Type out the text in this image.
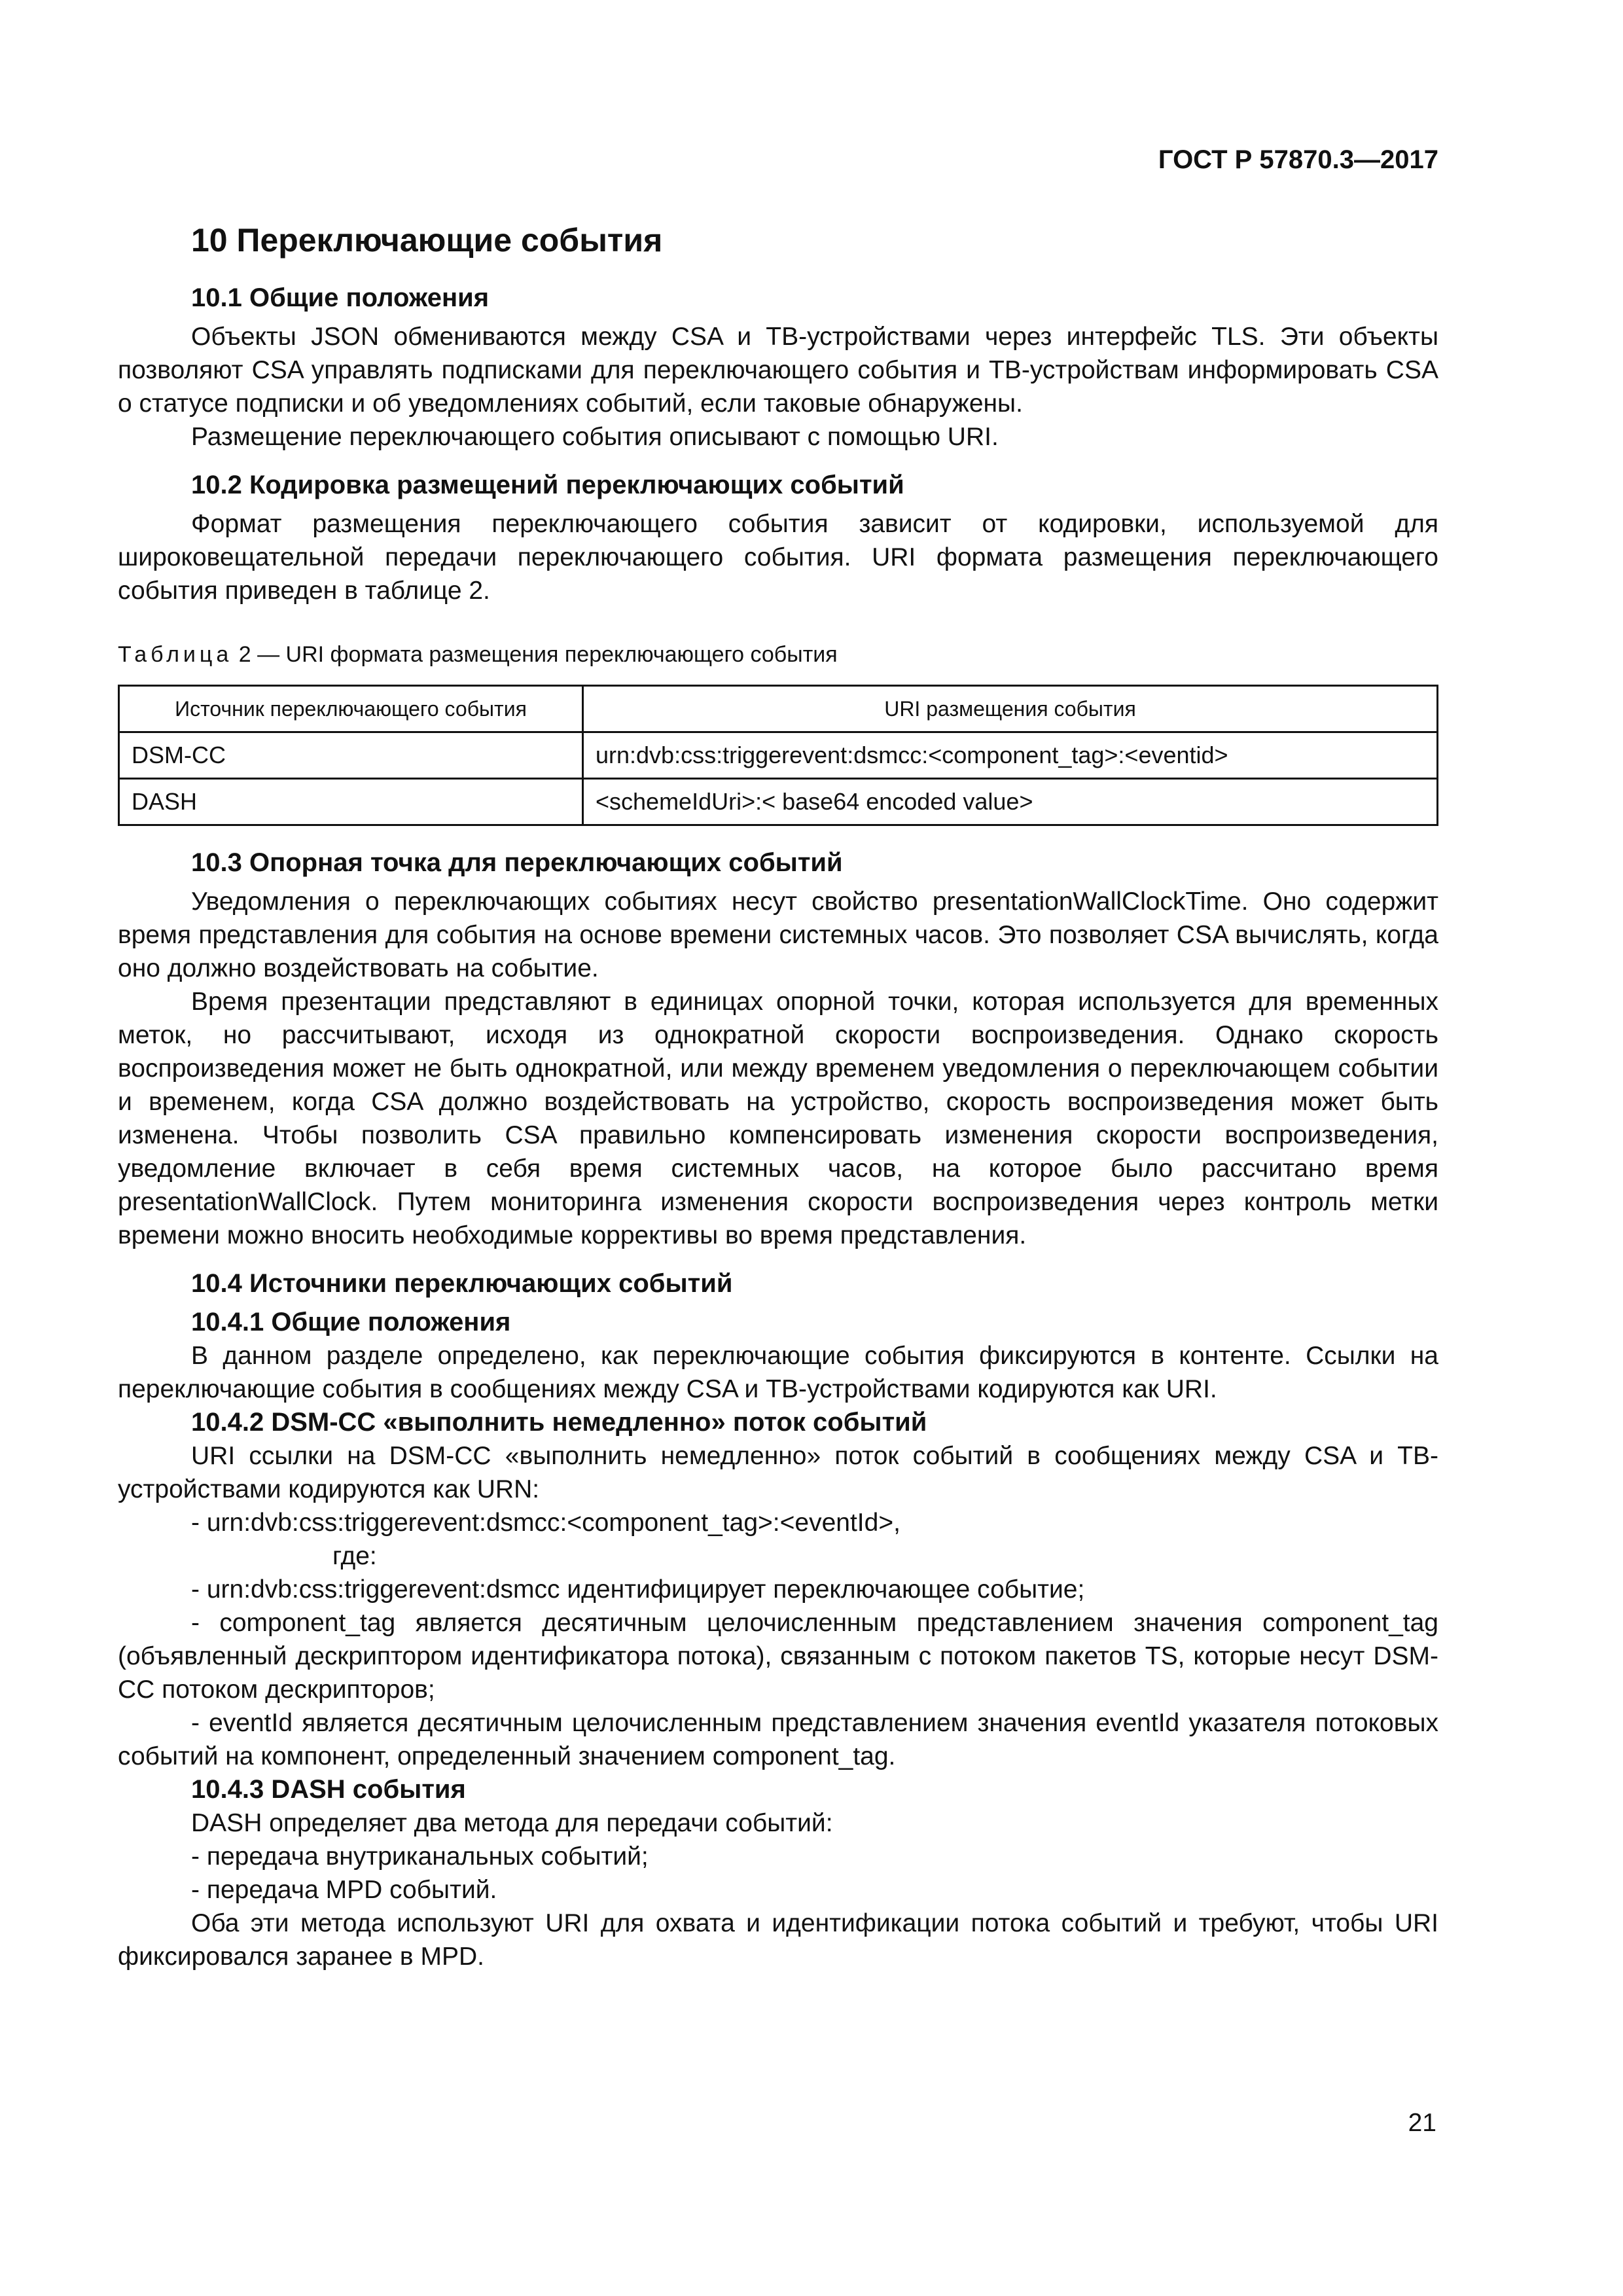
ГОСТ Р 57870.3—2017
10 Переключающие события
10.1 Общие положения

Объекты JSON обмениваются между CSA и ТВ-устройствами через интерфейс TLS. Эти объекты позволяют CSA управлять подписками для переключающего события и ТВ-устройствам информировать CSA о статусе подписки и об уведомлениях событий, если таковые обнаружены.

Размещение переключающего события описывают с помощью URI.

10.2 Кодировка размещений переключающих событий

Формат размещения переключающего события зависит от кодировки, используемой для широковещательной передачи переключающего события. URI формата размещения переключающего события приведен в таблице 2.

Таблица 2 — URI формата размещения переключающего события
Источник переключающего события	URI размещения события
DSM-CC	urn:dvb:css:triggerevent:dsmcc:<component_tag>:<eventid>
DASH	<schemeIdUri>:< base64 encoded value>
10.3 Опорная точка для переключающих событий

Уведомления о переключающих событиях несут свойство presentationWallClockTime. Оно содержит время представления для события на основе времени системных часов. Это позволяет CSA вычислять, когда оно должно воздействовать на событие.

Время презентации представляют в единицах опорной точки, которая используется для временных меток, но рассчитывают, исходя из однократной скорости воспроизведения. Однако скорость воспроизведения может не быть однократной, или между временем уведомления о переключающем событии и временем, когда CSA должно воздействовать на устройство, скорость воспроизведения может быть изменена. Чтобы позволить CSA правильно компенсировать изменения скорости воспроизведения, уведомление включает в себя время системных часов, на которое было рассчитано время presentationWallClock. Путем мониторинга изменения скорости воспроизведения через контроль метки времени можно вносить необходимые коррективы во время представления.

10.4 Источники переключающих событий
10.4.1 Общие положения

В данном разделе определено, как переключающие события фиксируются в контенте. Ссылки на переключающие события в сообщениях между CSA и ТВ-устройствами кодируются как URI.

10.4.2 DSM-CC «выполнить немедленно» поток событий

URI ссылки на DSM-CC «выполнить немедленно» поток событий в сообщениях между CSA и ТВ-устройствами кодируются как URN:

- urn:dvb:css:triggerevent:dsmcc:<component_tag>:<eventId>,

где:

- urn:dvb:css:triggerevent:dsmcc идентифицирует переключающее событие;

- component_tag является десятичным целочисленным представлением значения component_tag (объявленный дескриптором идентификатора потока), связанным с потоком пакетов TS, которые несут DSM-CC потоком дескрипторов;

- eventId является десятичным целочисленным представлением значения eventId указателя потоковых событий на компонент, определенный значением component_tag.

10.4.3 DASH события

DASH определяет два метода для передачи событий:

- передача внутриканальных событий;

- передача MPD событий.

Оба эти метода используют URI для охвата и идентификации потока событий и требуют, чтобы URI фиксировался заранее в MPD.

21
